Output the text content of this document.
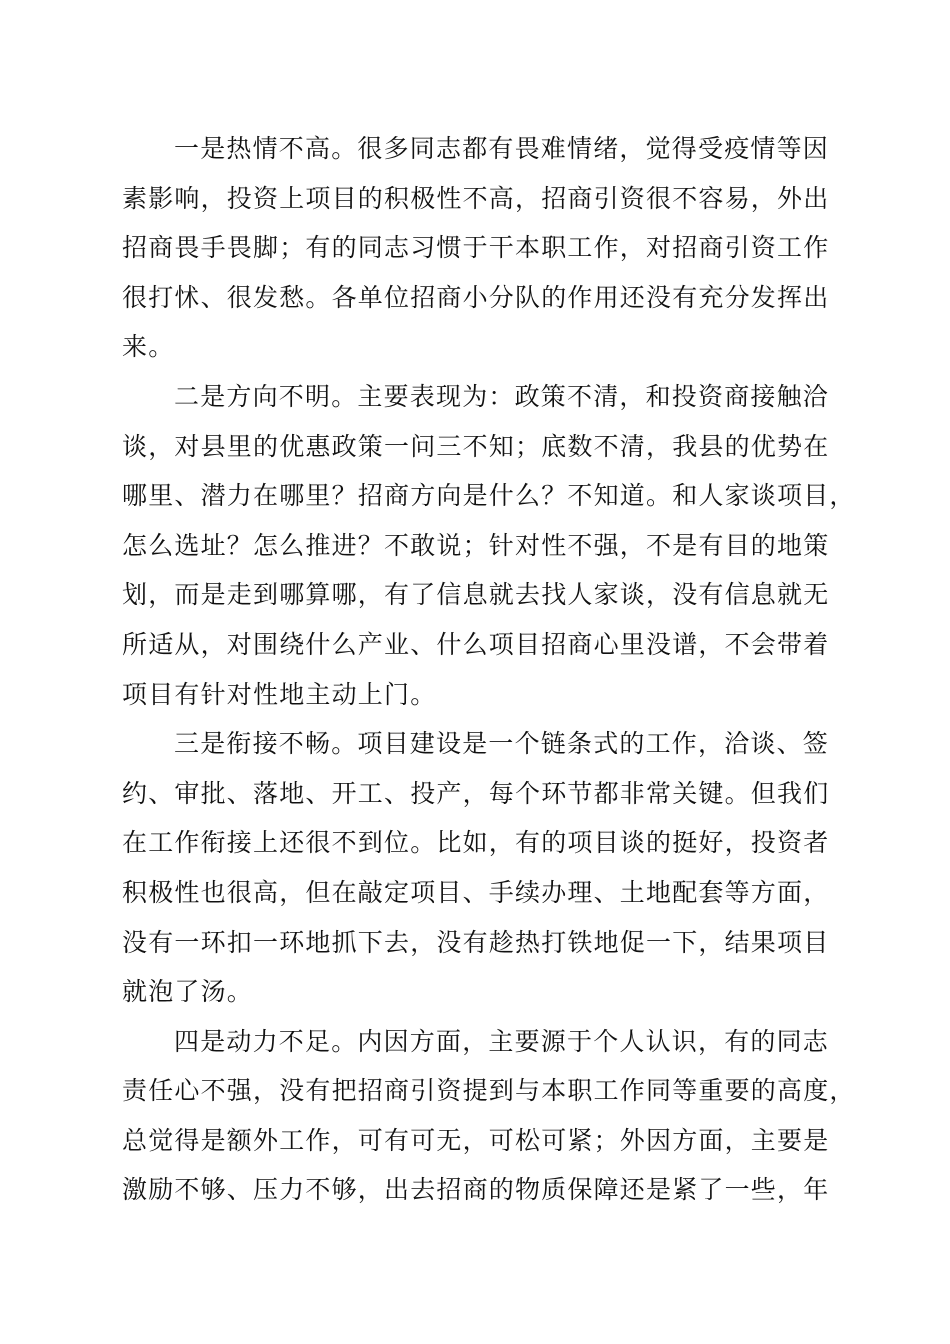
一是热情不高。很多同志都有畏难情绪，觉得受疫情等因
素影响，投资上项目的积极性不高，招商引资很不容易，外出
招商畏手畏脚；有的同志习惯于干本职工作，对招商引资工作
很打怵、很发愁。各单位招商小分队的作用还没有充分发挥出
来。
二是方向不明。主要表现为：政策不清，和投资商接触洽
谈，对县里的优惠政策一问三不知；底数不清，我县的优势在
哪里、潜力在哪里？招商方向是什么？不知道。和人家谈项目，
怎么选址？怎么推进？不敢说；针对性不强，不是有目的地策
划，而是走到哪算哪，有了信息就去找人家谈，没有信息就无
所适从，对围绕什么产业、什么项目招商心里没谱，不会带着
项目有针对性地主动上门。
三是衔接不畅。项目建设是一个链条式的工作，洽谈、签
约、审批、落地、开工、投产，每个环节都非常关键。但我们
在工作衔接上还很不到位。比如，有的项目谈的挺好，投资者
积极性也很高，但在敲定项目、手续办理、土地配套等方面，
没有一环扣一环地抓下去，没有趁热打铁地促一下，结果项目
就泡了汤。
四是动力不足。内因方面，主要源于个人认识，有的同志
责任心不强，没有把招商引资提到与本职工作同等重要的高度，
总觉得是额外工作，可有可无，可松可紧；外因方面，主要是
激励不够、压力不够，出去招商的物质保障还是紧了一些，年
